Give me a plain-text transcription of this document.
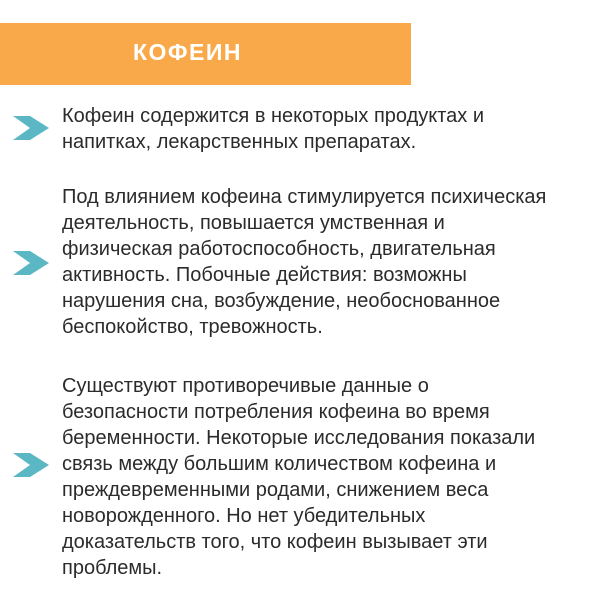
КОФЕИН
Кофеин содержится в некоторых продуктах и
напитках, лекарственных препаратах.
Под влиянием кофеина стимулируется психическая
деятельность, повышается умственная и
физическая работоспособность, двигательная
активность. Побочные действия: возможны
нарушения сна, возбуждение, необоснованное
беспокойство, тревожность.
Существуют противоречивые данные о
безопасности потребления кофеина во время
беременности. Некоторые исследования показали
связь между большим количеством кофеина и
преждевременными родами, снижением веса
новорожденного. Но нет убедительных
доказательств того, что кофеин вызывает эти
проблемы.
